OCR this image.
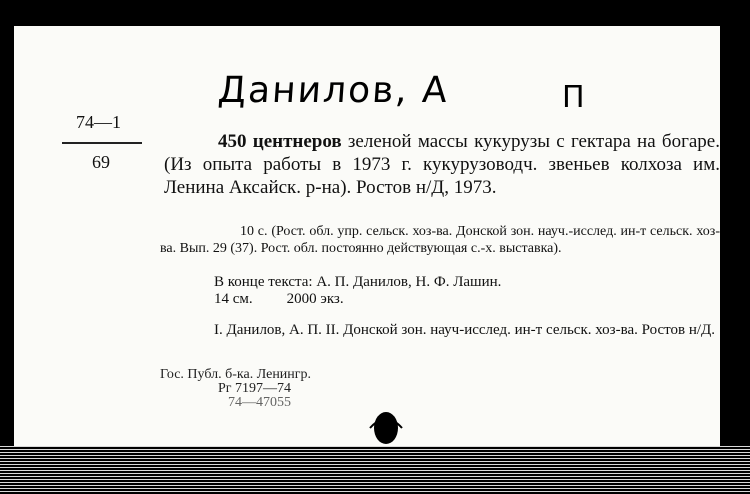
Данилов, А	П
74—1
69
450 центнеров зеленой массы кукурузы с гектара на богаре. (Из опыта работы в 1973 г. кукурузоводч. звеньев колхоза им. Ленина Аксайск. р-на). Ростов н/Д, 1973.
10 с. (Рост. обл. упр. сельск. хоз-ва. Донской зон. науч.-исслед. ин-т сельск. хоз-ва. Вып. 29 (37). Рост. обл. постоянно действующая с.-х. выставка).
В конце текста: А. П. Данилов, Н. Ф. Лашин.
14 см. 2000 экз.
I. Данилов, А. П. II. Донской зон. науч-исслед. ин-т сельск. хоз-ва. Ростов н/Д.
Гос. Публ. б-ка. Ленингр.
Рг 7197—74
74—47055
